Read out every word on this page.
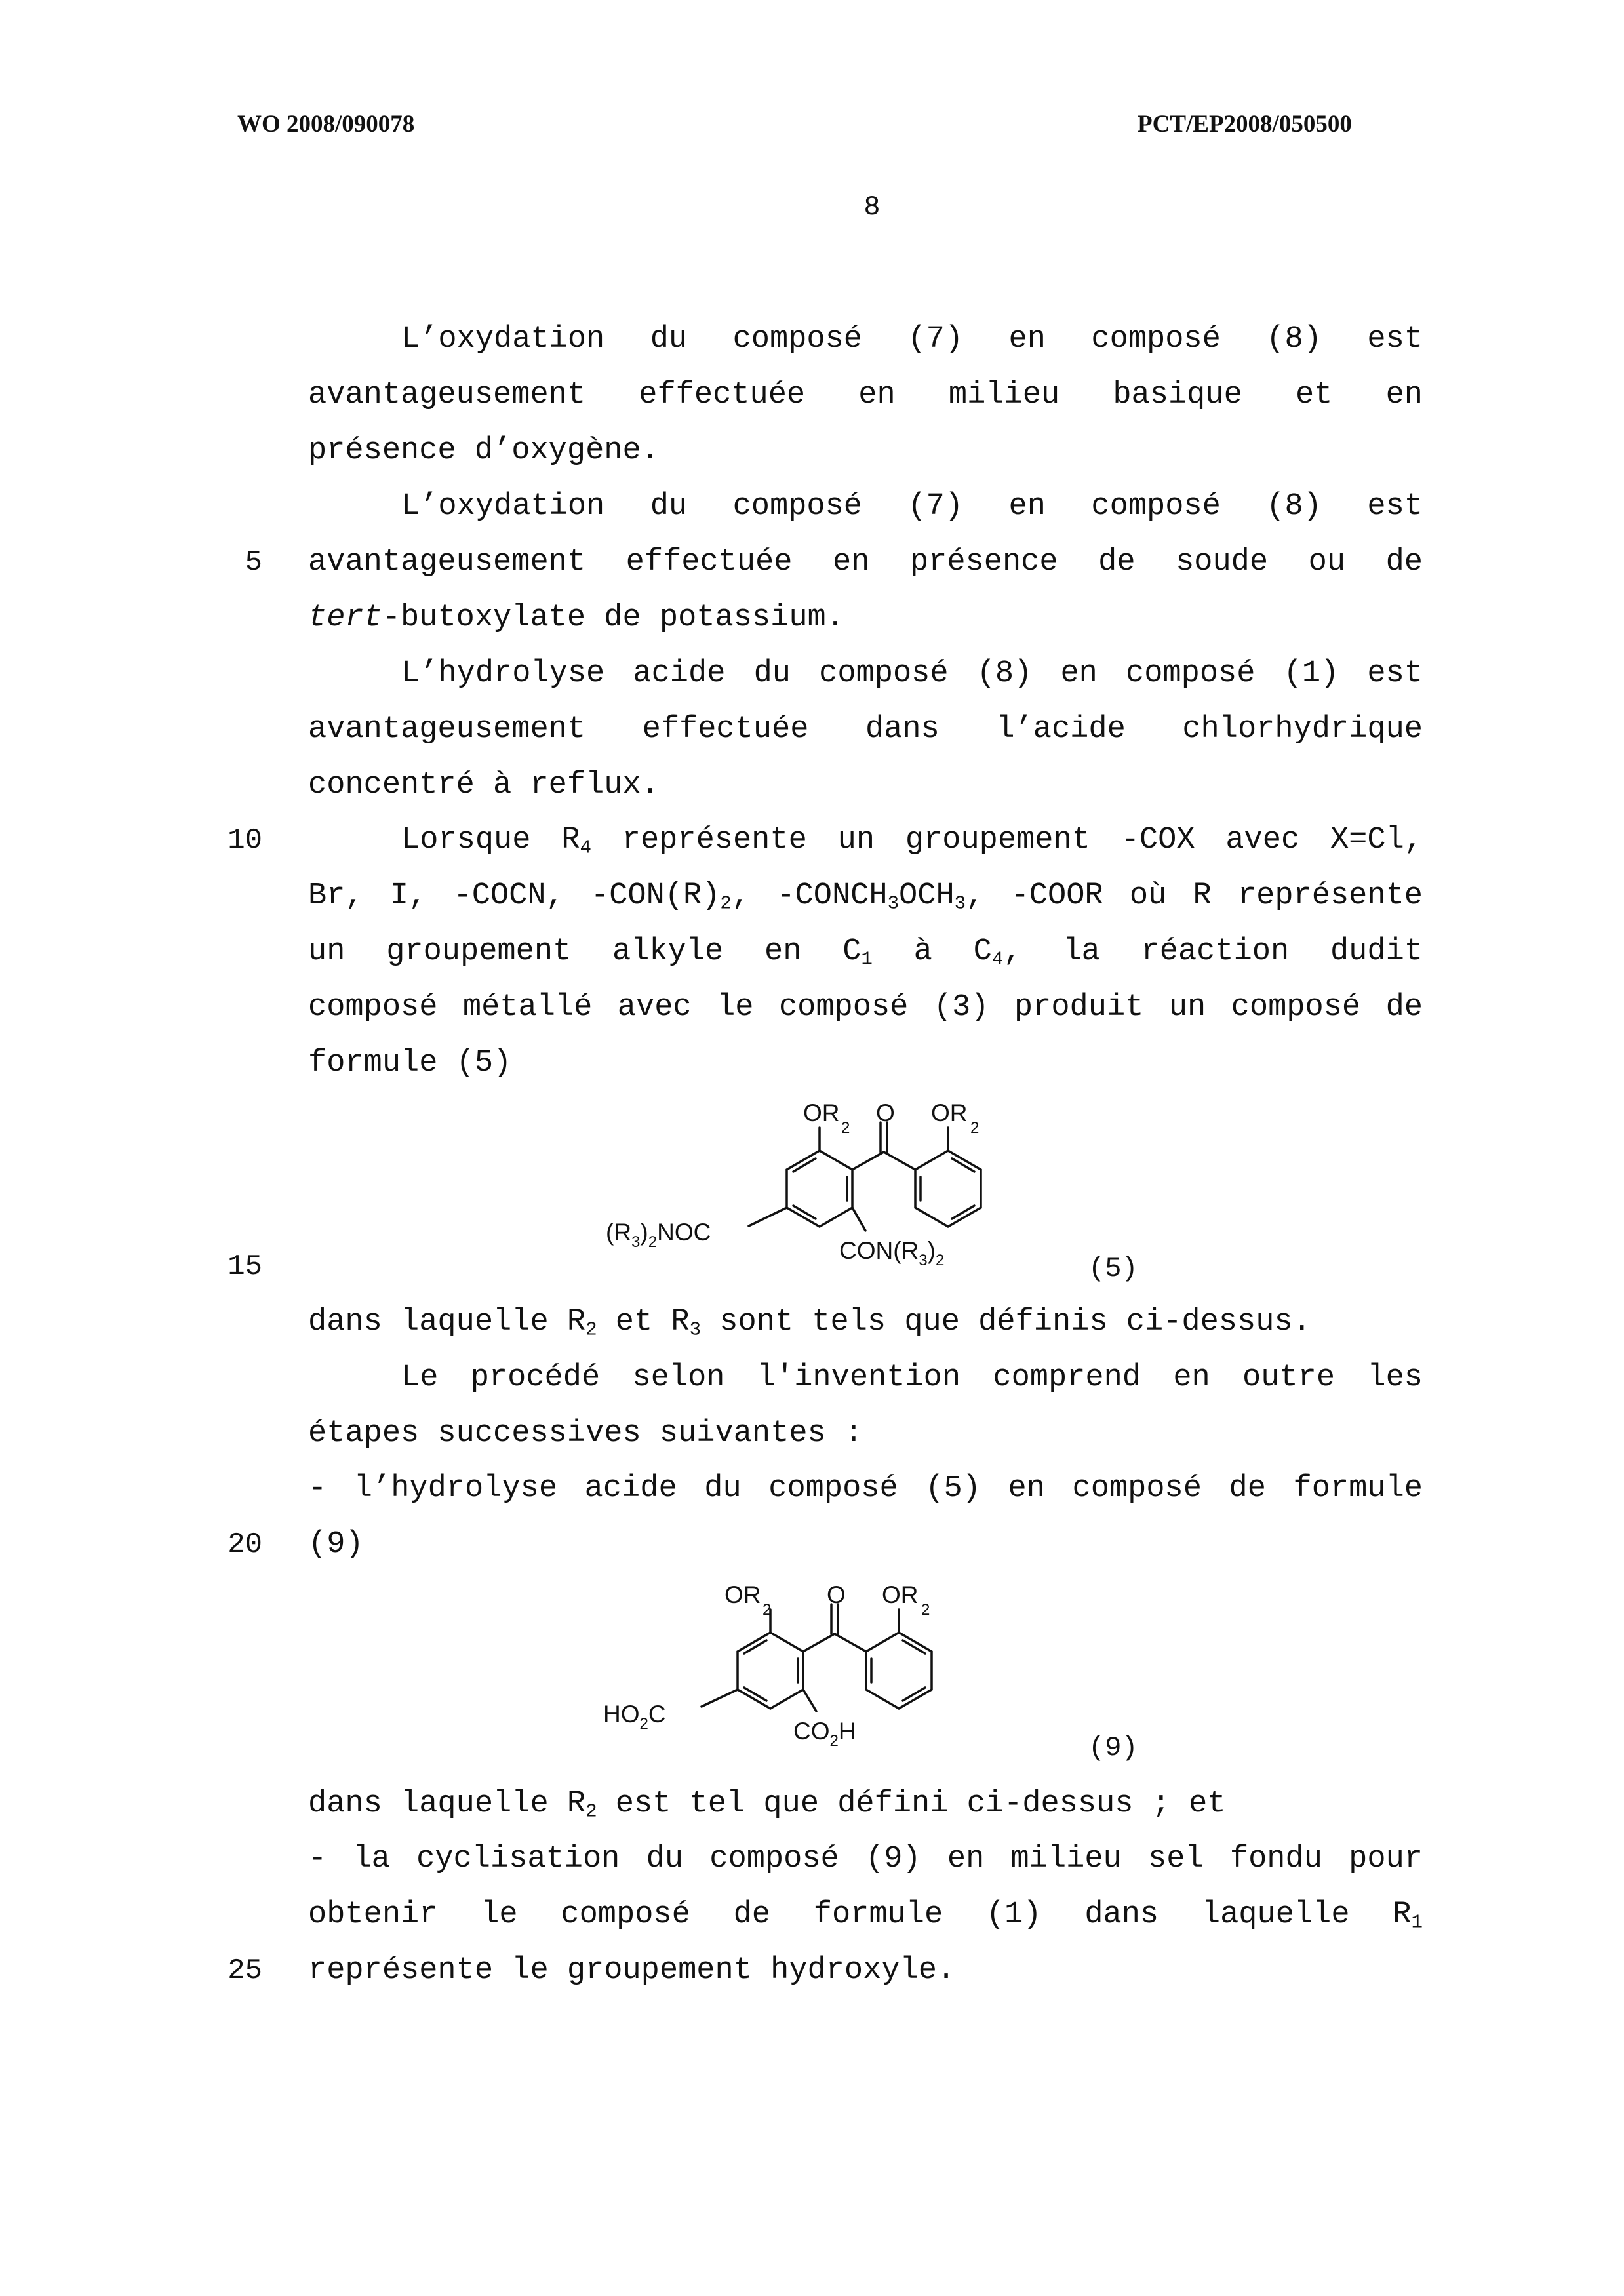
WO 2008/090078	PCT/EP2008/050500
8
5
10
15
20
25
L’oxydation du composé (7) en composé (8) est
avantageusement effectuée en milieu basique et en
présence d’oxygène.
L’oxydation du composé (7) en composé (8) est
avantageusement effectuée en présence de soude ou de
tert-butoxylate de potassium.
L’hydrolyse acide du composé (8) en composé (1) est
avantageusement effectuée dans l’acide chlorhydrique
concentré à reflux.
Lorsque $R_4$ représente un groupement -COX avec X=Cl,
Br, I, -COCN, $-CON(R)_2$, $-CONCH_3OCH_3$, -COOR où R représente
un groupement alkyle en $C_1$ à $C_4$, la réaction dudit
composé métallé avec le composé (3) produit un composé de
formule (5)
OR
2
O OR
2
$(R_3)_2NOC$
$CON(R_3)_2$	(5)
dans laquelle $R_2$ et $R_3$ sont tels que définis ci-dessus.
Le procédé selon l'invention comprend en outre les
étapes successives suivantes :
- l’hydrolyse acide du composé (5) en composé de formule
(9)
OR
2
O OR
2
$HO_2C$
$CO_2H$
(9)
dans laquelle $R_2$ est tel que défini ci-dessus ; et
- la cyclisation du composé (9) en milieu sel fondu pour
obtenir le composé de formule (1) dans laquelle $R_1$
représente le groupement hydroxyle.
